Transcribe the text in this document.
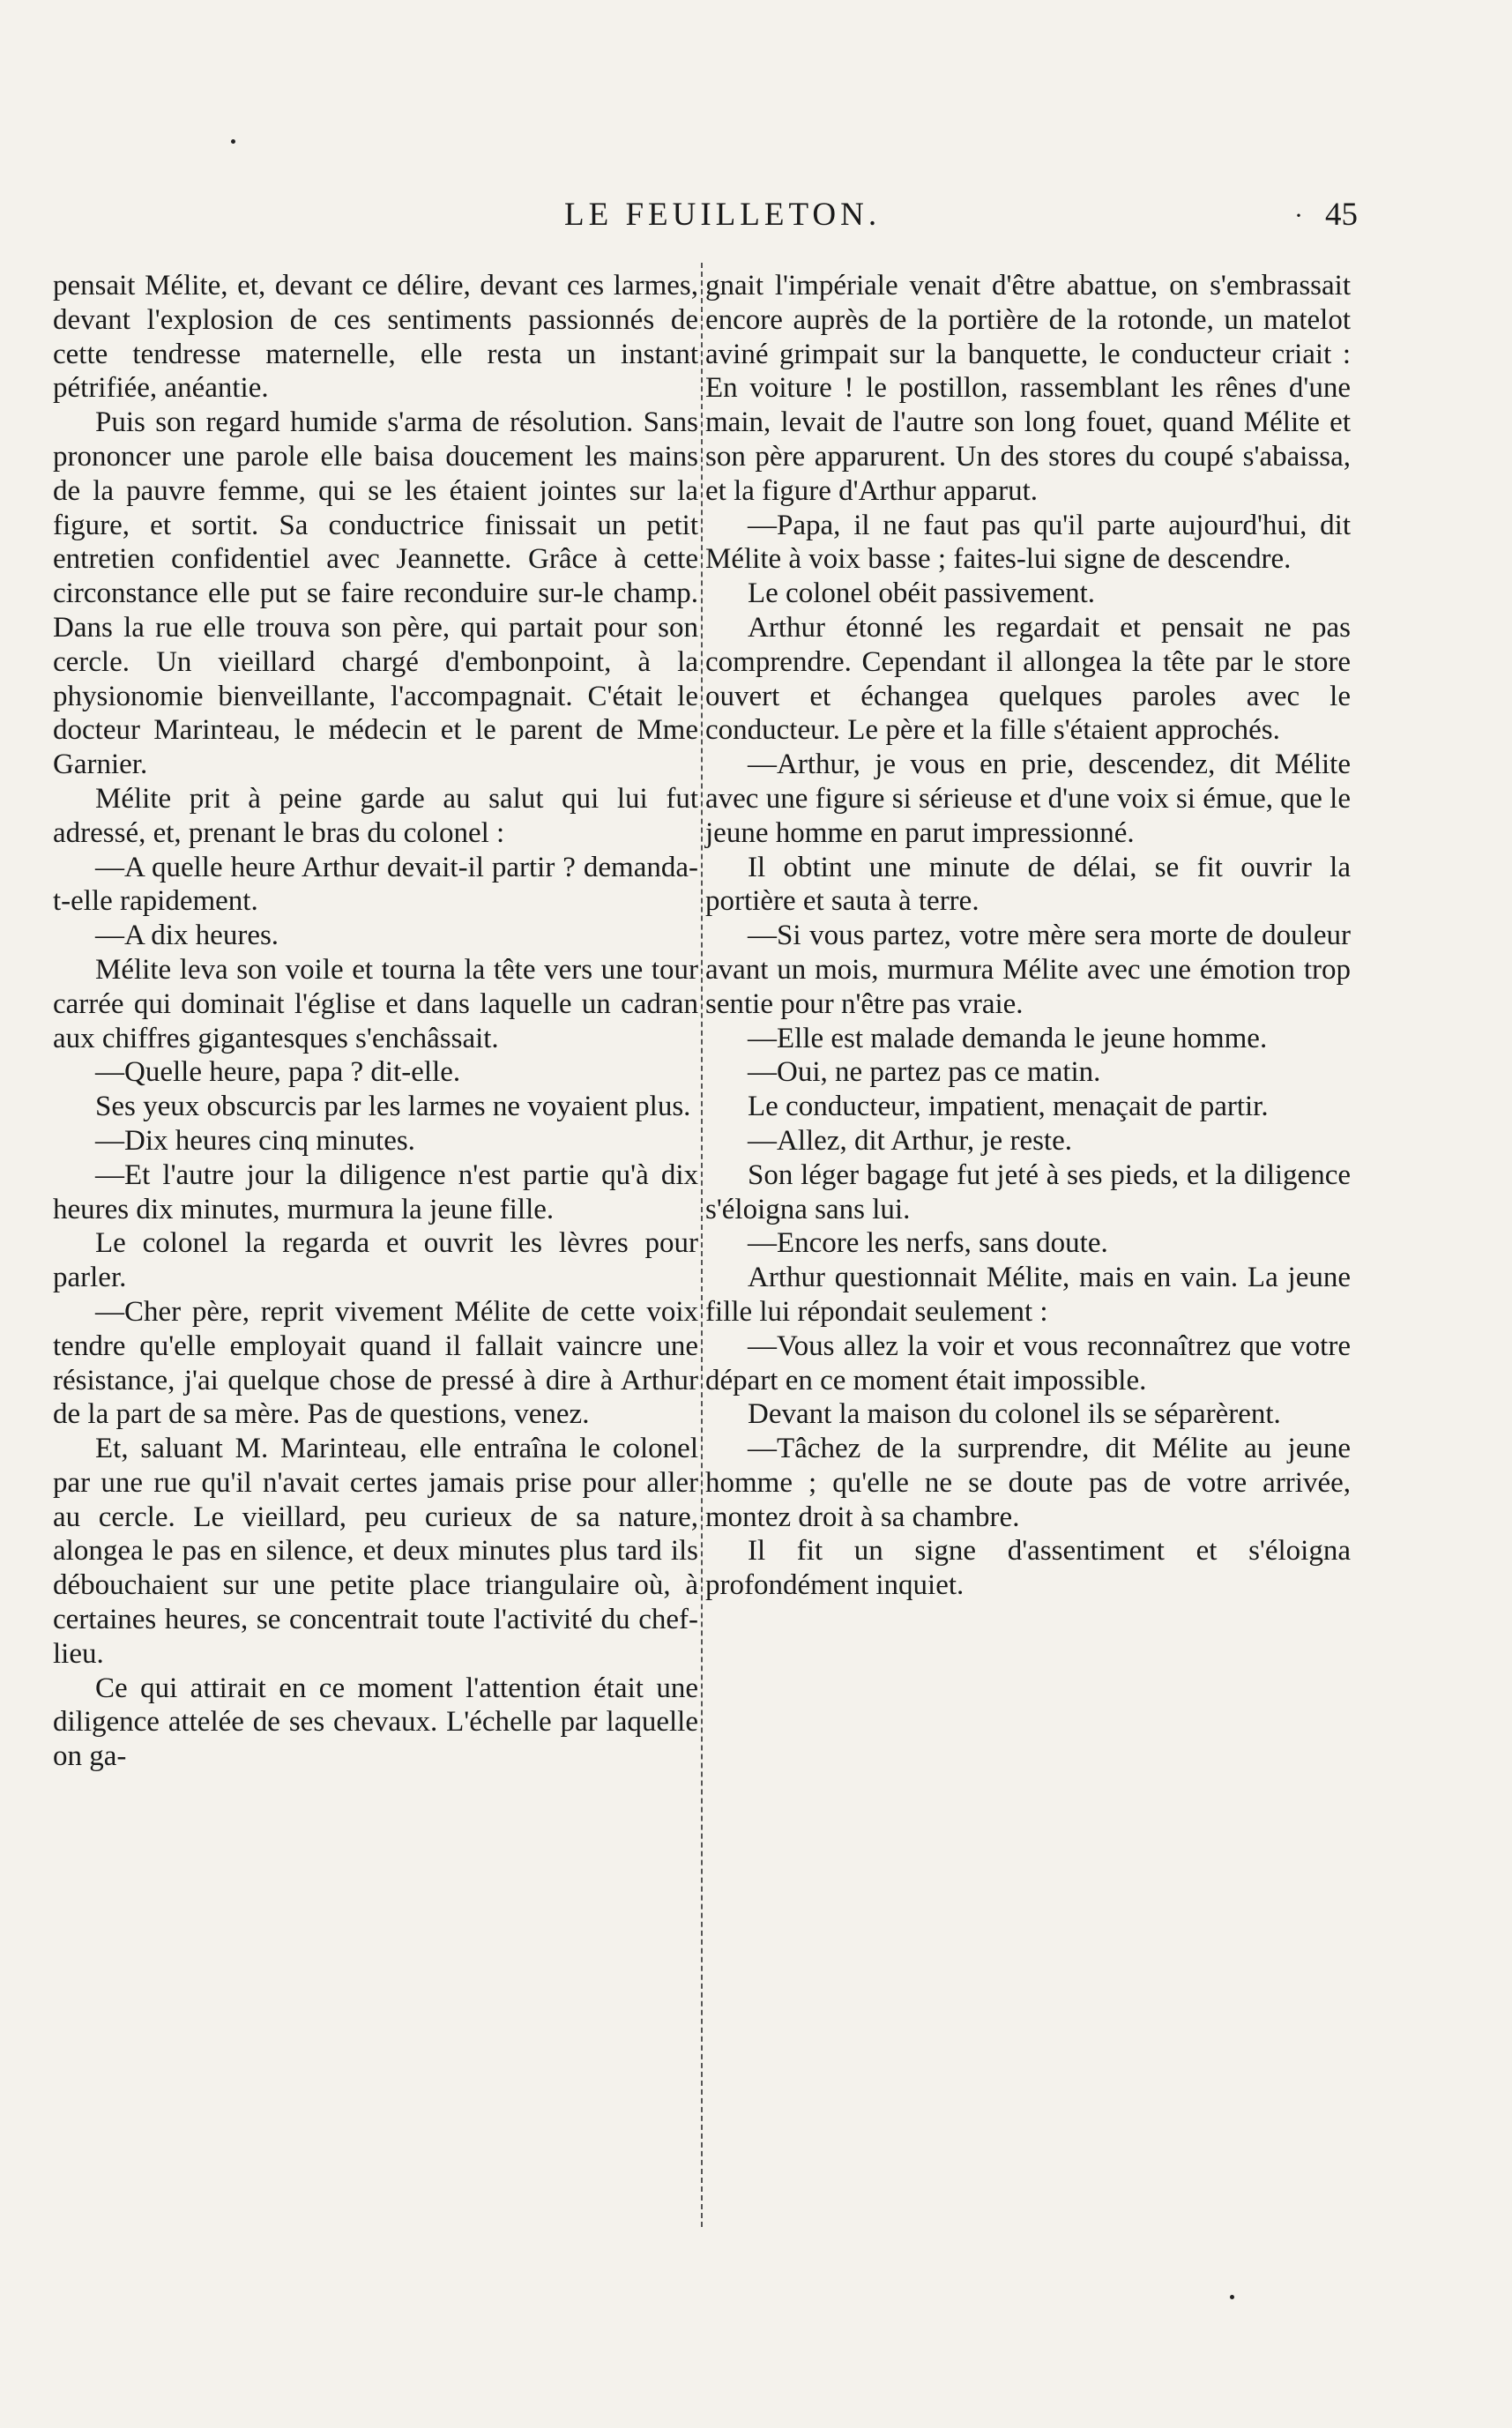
LE FEUILLETON.	· 45

pensait Mélite, et, devant ce délire, devant ces larmes, devant l'explosion de ces sentiments passionnés de cette tendresse maternelle, elle resta un instant pétrifiée, anéantie.

Puis son regard humide s'arma de résolution. Sans prononcer une parole elle baisa doucement les mains de la pauvre femme, qui se les étaient jointes sur la figure, et sortit. Sa conductrice finissait un petit entretien confidentiel avec Jeannette. Grâce à cette circonstance elle put se faire reconduire sur-le champ. Dans la rue elle trouva son père, qui partait pour son cercle. Un vieillard chargé d'embonpoint, à la physionomie bienveillante, l'accompagnait. C'était le docteur Marinteau, le médecin et le parent de Mme Garnier.

Mélite prit à peine garde au salut qui lui fut adressé, et, prenant le bras du colonel :

—A quelle heure Arthur devait-il partir ? demanda-t-elle rapidement.

—A dix heures.

Mélite leva son voile et tourna la tête vers une tour carrée qui dominait l'église et dans laquelle un cadran aux chiffres gigantesques s'enchâssait.

—Quelle heure, papa ? dit-elle.

Ses yeux obscurcis par les larmes ne voyaient plus.

—Dix heures cinq minutes.

—Et l'autre jour la diligence n'est partie qu'à dix heures dix minutes, murmura la jeune fille.

Le colonel la regarda et ouvrit les lèvres pour parler.

—Cher père, reprit vivement Mélite de cette voix tendre qu'elle employait quand il fallait vaincre une résistance, j'ai quelque chose de pressé à dire à Arthur de la part de sa mère. Pas de questions, venez.

Et, saluant M. Marinteau, elle entraîna le colonel par une rue qu'il n'avait certes jamais prise pour aller au cercle. Le vieillard, peu curieux de sa nature, alongea le pas en silence, et deux minutes plus tard ils débouchaient sur une petite place triangulaire où, à certaines heures, se concentrait toute l'activité du chef-lieu.

Ce qui attirait en ce moment l'attention était une diligence attelée de ses chevaux. L'échelle par laquelle on ga-

gnait l'impériale venait d'être abattue, on s'embrassait encore auprès de la portière de la rotonde, un matelot aviné grimpait sur la banquette, le conducteur criait : En voiture ! le postillon, rassemblant les rênes d'une main, levait de l'autre son long fouet, quand Mélite et son père apparurent. Un des stores du coupé s'abaissa, et la figure d'Arthur apparut.

—Papa, il ne faut pas qu'il parte aujourd'hui, dit Mélite à voix basse ; faites-lui signe de descendre.

Le colonel obéit passivement.

Arthur étonné les regardait et pensait ne pas comprendre. Cependant il allongea la tête par le store ouvert et échangea quelques paroles avec le conducteur. Le père et la fille s'étaient approchés.

—Arthur, je vous en prie, descendez, dit Mélite avec une figure si sérieuse et d'une voix si émue, que le jeune homme en parut impressionné.

Il obtint une minute de délai, se fit ouvrir la portière et sauta à terre.

—Si vous partez, votre mère sera morte de douleur avant un mois, murmura Mélite avec une émotion trop sentie pour n'être pas vraie.

—Elle est malade demanda le jeune homme.

—Oui, ne partez pas ce matin.

Le conducteur, impatient, menaçait de partir.

—Allez, dit Arthur, je reste.

Son léger bagage fut jeté à ses pieds, et la diligence s'éloigna sans lui.

—Encore les nerfs, sans doute.

Arthur questionnait Mélite, mais en vain. La jeune fille lui répondait seulement :

—Vous allez la voir et vous reconnaîtrez que votre départ en ce moment était impossible.

Devant la maison du colonel ils se séparèrent.

—Tâchez de la surprendre, dit Mélite au jeune homme ; qu'elle ne se doute pas de votre arrivée, montez droit à sa chambre.

Il fit un signe d'assentiment et s'éloigna profondément inquiet.
